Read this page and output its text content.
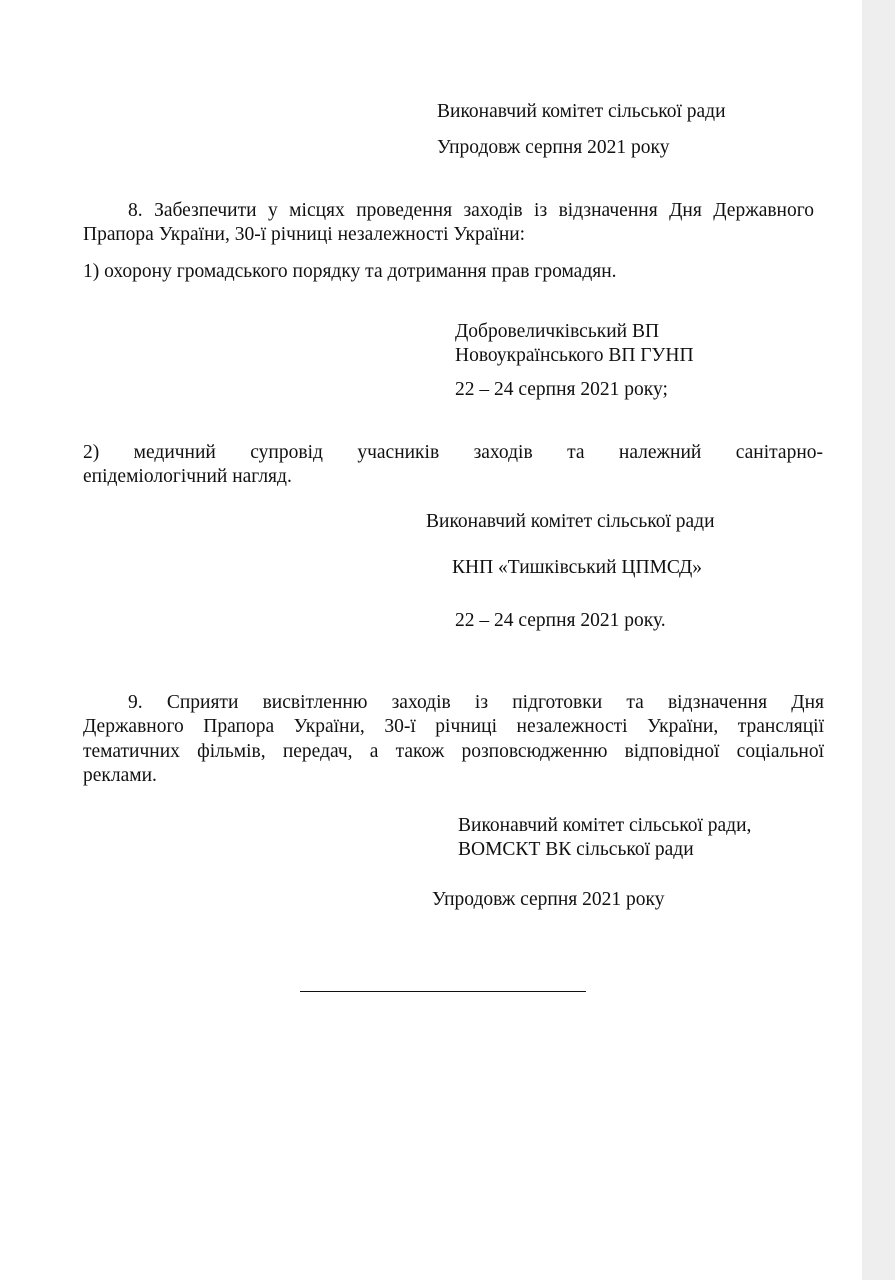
Виконавчий комітет сільської ради
Упродовж серпня 2021 року
8. Забезпечити у місцях проведення заходів із відзначення Дня Державного
Прапора України, 30-ї річниці незалежності України:
1) охорону громадського порядку та дотримання прав громадян.
Добровеличківський ВП
Новоукраїнського ВП ГУНП
22 – 24 серпня 2021 року;
2) медичний супровід учасників заходів та належний санітарно-
епідеміологічний нагляд.
Виконавчий комітет сільської ради
КНП «Тишківський ЦПМСД»
22 – 24 серпня 2021 року.
9. Сприяти висвітленню заходів із підготовки та відзначення Дня
Державного Прапора України, 30-ї річниці незалежності України, трансляції
тематичних фільмів, передач, а також розповсюдженню відповідної соціальної
реклами.
Виконавчий комітет сільської ради,
ВОМСКТ ВК сільської ради
Упродовж серпня 2021 року
